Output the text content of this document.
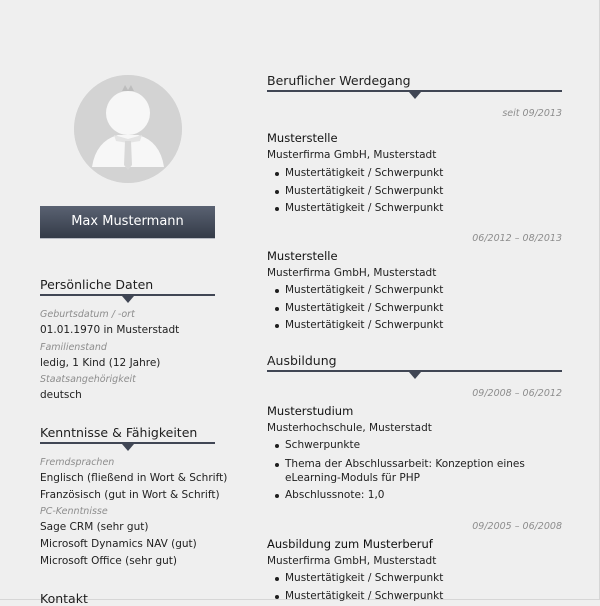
Max Mustermann
Persönliche Daten
Geburtsdatum / -ort
01.01.1970 in Musterstadt
Familienstand
ledig, 1 Kind (12 Jahre)
Staatsangehörigkeit
deutsch
Kenntnisse & Fähigkeiten
Fremdsprachen
Englisch (fließend in Wort & Schrift)
Französisch (gut in Wort & Schrift)
PC-Kenntnisse
Sage CRM (sehr gut)
Microsoft Dynamics NAV (gut)
Microsoft Office (sehr gut)
Kontakt
Beruflicher Werdegang
seit 09/2013
Musterstelle
Musterfirma GmbH, Musterstadt
Mustertätigkeit / Schwerpunkt
Mustertätigkeit / Schwerpunkt
Mustertätigkeit / Schwerpunkt
06/2012 – 08/2013
Musterstelle
Musterfirma GmbH, Musterstadt
Mustertätigkeit / Schwerpunkt
Mustertätigkeit / Schwerpunkt
Mustertätigkeit / Schwerpunkt
Ausbildung
09/2008 – 06/2012
Musterstudium
Musterhochschule, Musterstadt
Schwerpunkte
Thema der Abschlussarbeit: Konzeption eines eLearning-Moduls für PHP
Abschlussnote: 1,0
09/2005 – 06/2008
Ausbildung zum Musterberuf
Musterfirma GmbH, Musterstadt
Mustertätigkeit / Schwerpunkt
Mustertätigkeit / Schwerpunkt
